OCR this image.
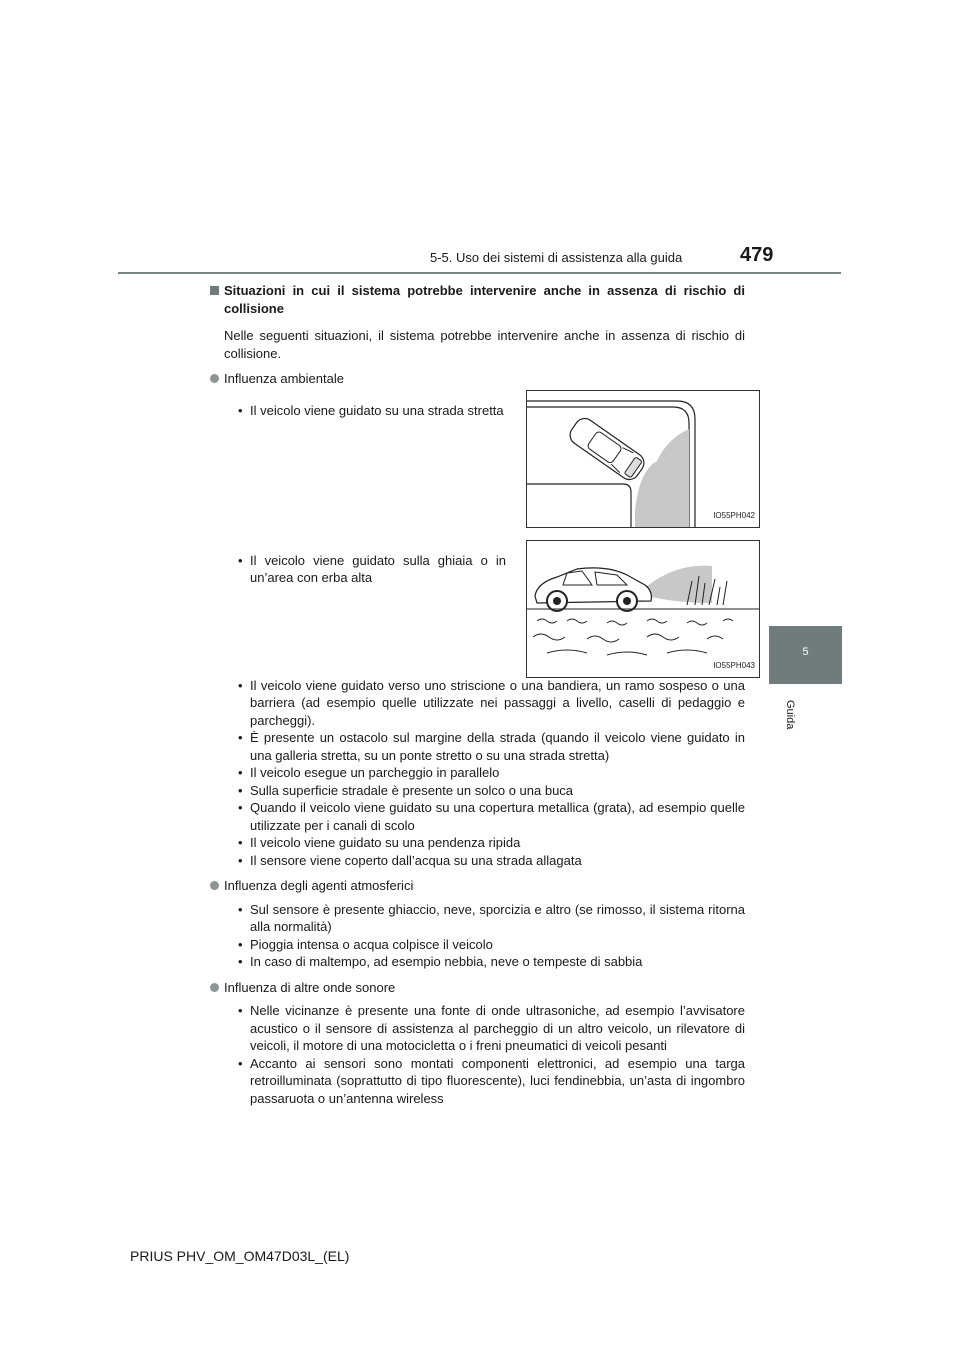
5-5. Uso dei sistemi di assistenza alla guida	479
5
Guida
Situazioni in cui il sistema potrebbe intervenire anche in assenza di rischio di collisione
Nelle seguenti situazioni, il sistema potrebbe intervenire anche in assenza di rischio di collisione.
Influenza ambientale
• Il veicolo viene guidato su una strada stretta
IO55PH042
• Il veicolo viene guidato sulla ghiaia o in un’area con erba alta
IO55PH043
• Il veicolo viene guidato verso uno striscione o una bandiera, un ramo sospeso o una barriera (ad esempio quelle utilizzate nei passaggi a livello, caselli di pedaggio e parcheggi).
• È presente un ostacolo sul margine della strada (quando il veicolo viene guidato in una galleria stretta, su un ponte stretto o su una strada stretta)
• Il veicolo esegue un parcheggio in parallelo
• Sulla superficie stradale è presente un solco o una buca
• Quando il veicolo viene guidato su una copertura metallica (grata), ad esempio quelle utilizzate per i canali di scolo
• Il veicolo viene guidato su una pendenza ripida
• Il sensore viene coperto dall’acqua su una strada allagata
Influenza degli agenti atmosferici
• Sul sensore è presente ghiaccio, neve, sporcizia e altro (se rimosso, il sistema ritorna alla normalità)
• Pioggia intensa o acqua colpisce il veicolo
• In caso di maltempo, ad esempio nebbia, neve o tempeste di sabbia
Influenza di altre onde sonore
• Nelle vicinanze è presente una fonte di onde ultrasoniche, ad esempio l’avvisatore acustico o il sensore di assistenza al parcheggio di un altro veicolo, un rilevatore di veicoli, il motore di una motocicletta o i freni pneumatici di veicoli pesanti
• Accanto ai sensori sono montati componenti elettronici, ad esempio una targa retroilluminata (soprattutto di tipo fluorescente), luci fendinebbia, un’asta di ingombro passaruota o un’antenna wireless
PRIUS PHV_OM_OM47D03L_(EL)
